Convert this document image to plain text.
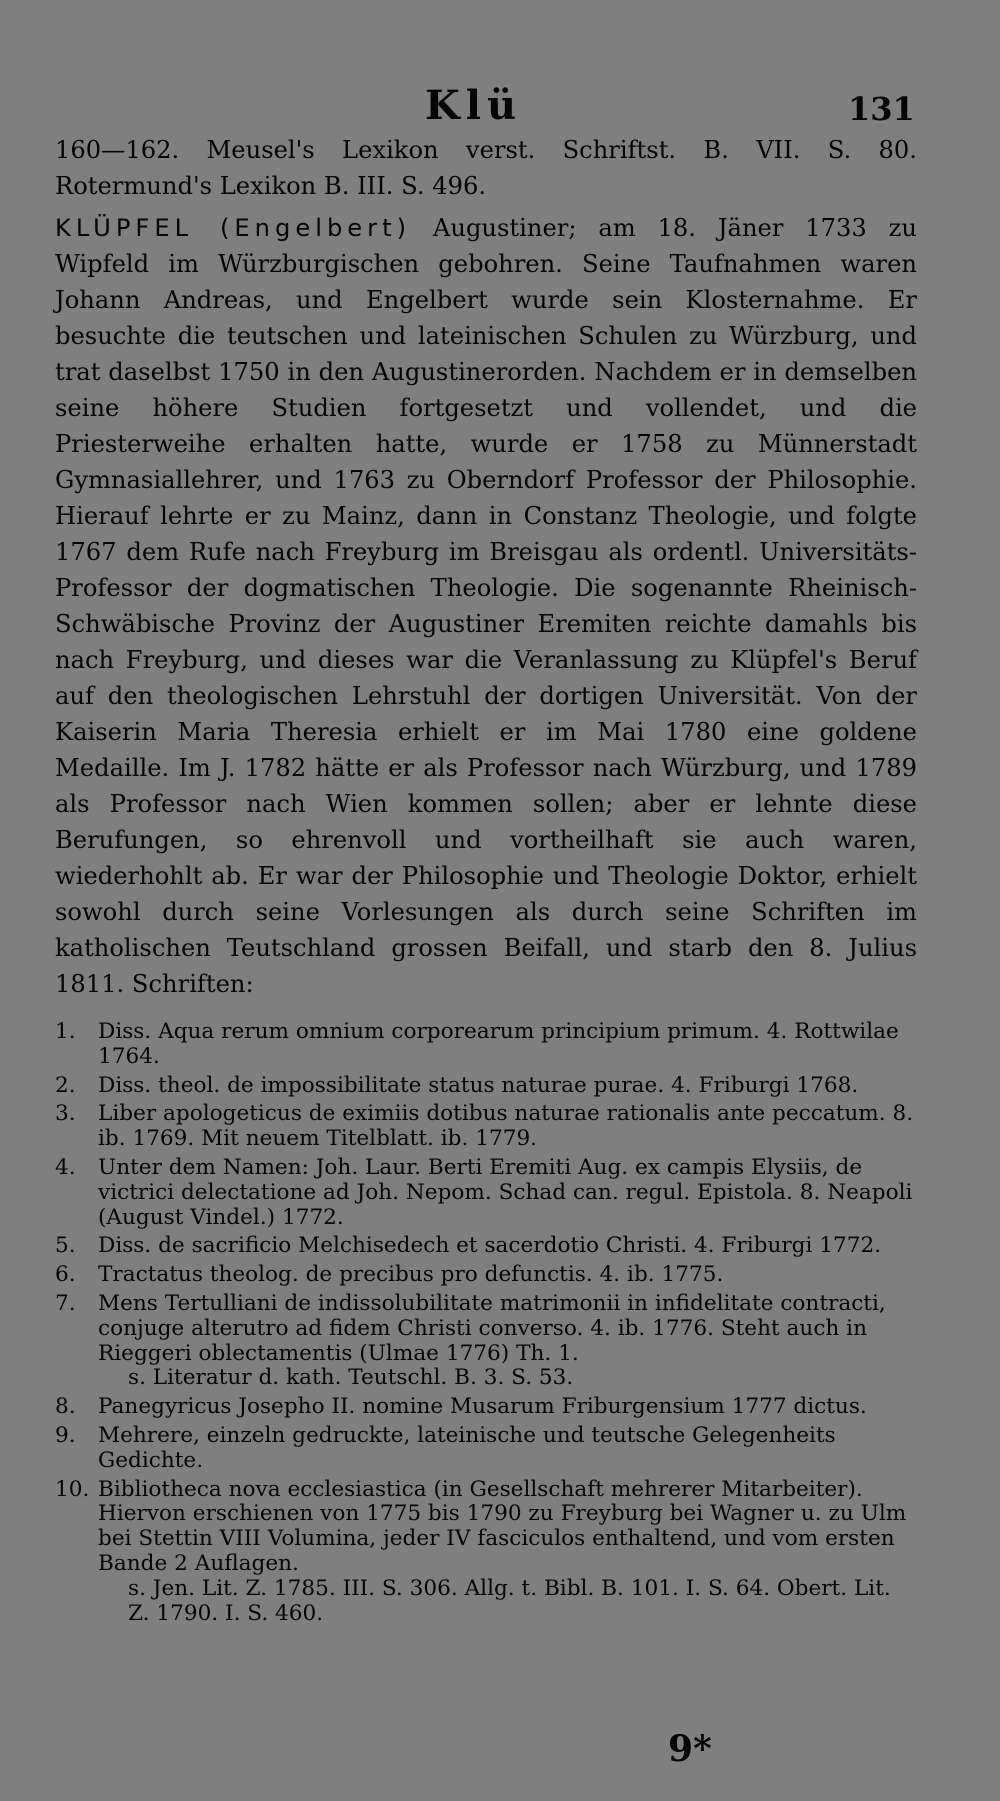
Klü	131

160—162. Meusel's Lexikon verst. Schriftst. B. VII. S. 80. Rotermund's Lexikon B. III. S. 496.

KLÜPFEL (Engelbert) Augustiner; am 18. Jäner 1733 zu Wipfeld im Würzburgischen gebohren. Seine Taufnahmen waren Johann Andreas, und Engelbert wurde sein Klosternahme. Er besuchte die teutschen und lateinischen Schulen zu Würzburg, und trat daselbst 1750 in den Augustinerorden. Nachdem er in demselben seine höhere Studien fortgesetzt und vollendet, und die Priesterweihe erhalten hatte, wurde er 1758 zu Münnerstadt Gymnasiallehrer, und 1763 zu Oberndorf Professor der Philosophie. Hierauf lehrte er zu Mainz, dann in Constanz Theologie, und folgte 1767 dem Rufe nach Freyburg im Breisgau als ordentl. Universitäts-Professor der dogmatischen Theologie. Die sogenannte Rheinisch-Schwäbische Provinz der Augustiner Eremiten reichte damahls bis nach Freyburg, und dieses war die Veranlassung zu Klüpfel's Beruf auf den theologischen Lehrstuhl der dortigen Universität. Von der Kaiserin Maria Theresia erhielt er im Mai 1780 eine goldene Medaille. Im J. 1782 hätte er als Professor nach Würzburg, und 1789 als Professor nach Wien kommen sollen; aber er lehnte diese Berufungen, so ehrenvoll und vortheilhaft sie auch waren, wiederhohlt ab. Er war der Philosophie und Theologie Doktor, erhielt sowohl durch seine Vorlesungen als durch seine Schriften im katholischen Teutschland grossen Beifall, und starb den 8. Julius 1811. Schriften:

1.	Diss. Aqua rerum omnium corporearum principium primum. 4. Rottwilae 1764.
2.	Diss. theol. de impossibilitate status naturae purae. 4. Friburgi 1768.
3.	Liber apologeticus de eximiis dotibus naturae rationalis ante peccatum. 8. ib. 1769. Mit neuem Titelblatt. ib. 1779.
4.	Unter dem Namen: Joh. Laur. Berti Eremiti Aug. ex campis Elysiis, de victrici delectatione ad Joh. Nepom. Schad can. regul. Epistola. 8. Neapoli (August Vindel.) 1772.
5.	Diss. de sacrificio Melchisedech et sacerdotio Christi. 4. Friburgi 1772.
6.	Tractatus theolog. de precibus pro defunctis. 4. ib. 1775.
7.	Mens Tertulliani de indissolubilitate matrimonii in infidelitate contracti, conjuge alterutro ad fidem Christi converso. 4. ib. 1776. Steht auch in Rieggeri oblectamentis (Ulmae 1776) Th. 1.
s. Literatur d. kath. Teutschl. B. 3. S. 53.
8.	Panegyricus Josepho II. nomine Musarum Friburgensium 1777 dictus.
9.	Mehrere, einzeln gedruckte, lateinische und teutsche Gelegenheits Gedichte.
10. Bibliotheca nova ecclesiastica (in Gesellschaft mehrerer Mitarbeiter). Hiervon erschienen von 1775 bis 1790 zu Freyburg bei Wagner u. zu Ulm bei Stettin VIII Volumina, jeder IV fasciculos enthaltend, und vom ersten Bande 2 Auflagen.
s. Jen. Lit. Z. 1785. III. S. 306. Allg. t. Bibl. B. 101. I. S. 64. Obert. Lit. Z. 1790. I. S. 460.
9*
